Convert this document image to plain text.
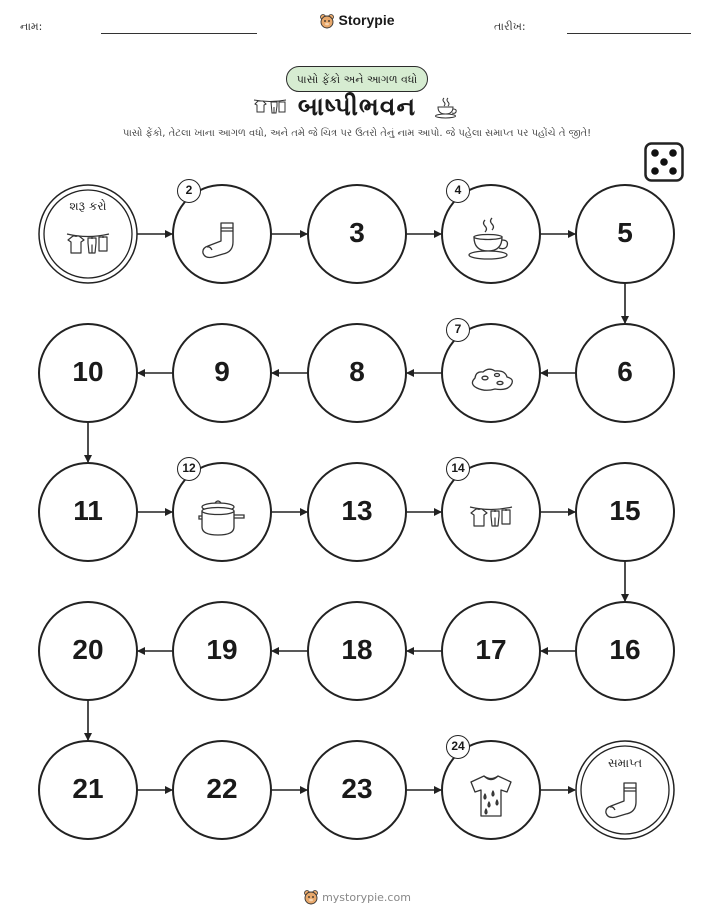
નામ:	Storypie	તારીખ:
પાસો ફેંકો અને આગળ વધો
બાષ્પીભવન
પાસો ફેંકો, તેટલા ખાના આગળ વધો, અને તમે જે ચિત્ર પર ઉતરો તેનું નામ આપો. જે પહેલા સમાપ્ત પર પહોંચે તે જીતે!
શરૂ કરો
2
3
4
5
6
7
8
9
10
11
12
13
14
15
16
17
18
19
20
21	22	23
24
સમાપ્ત
mystorypie.com
